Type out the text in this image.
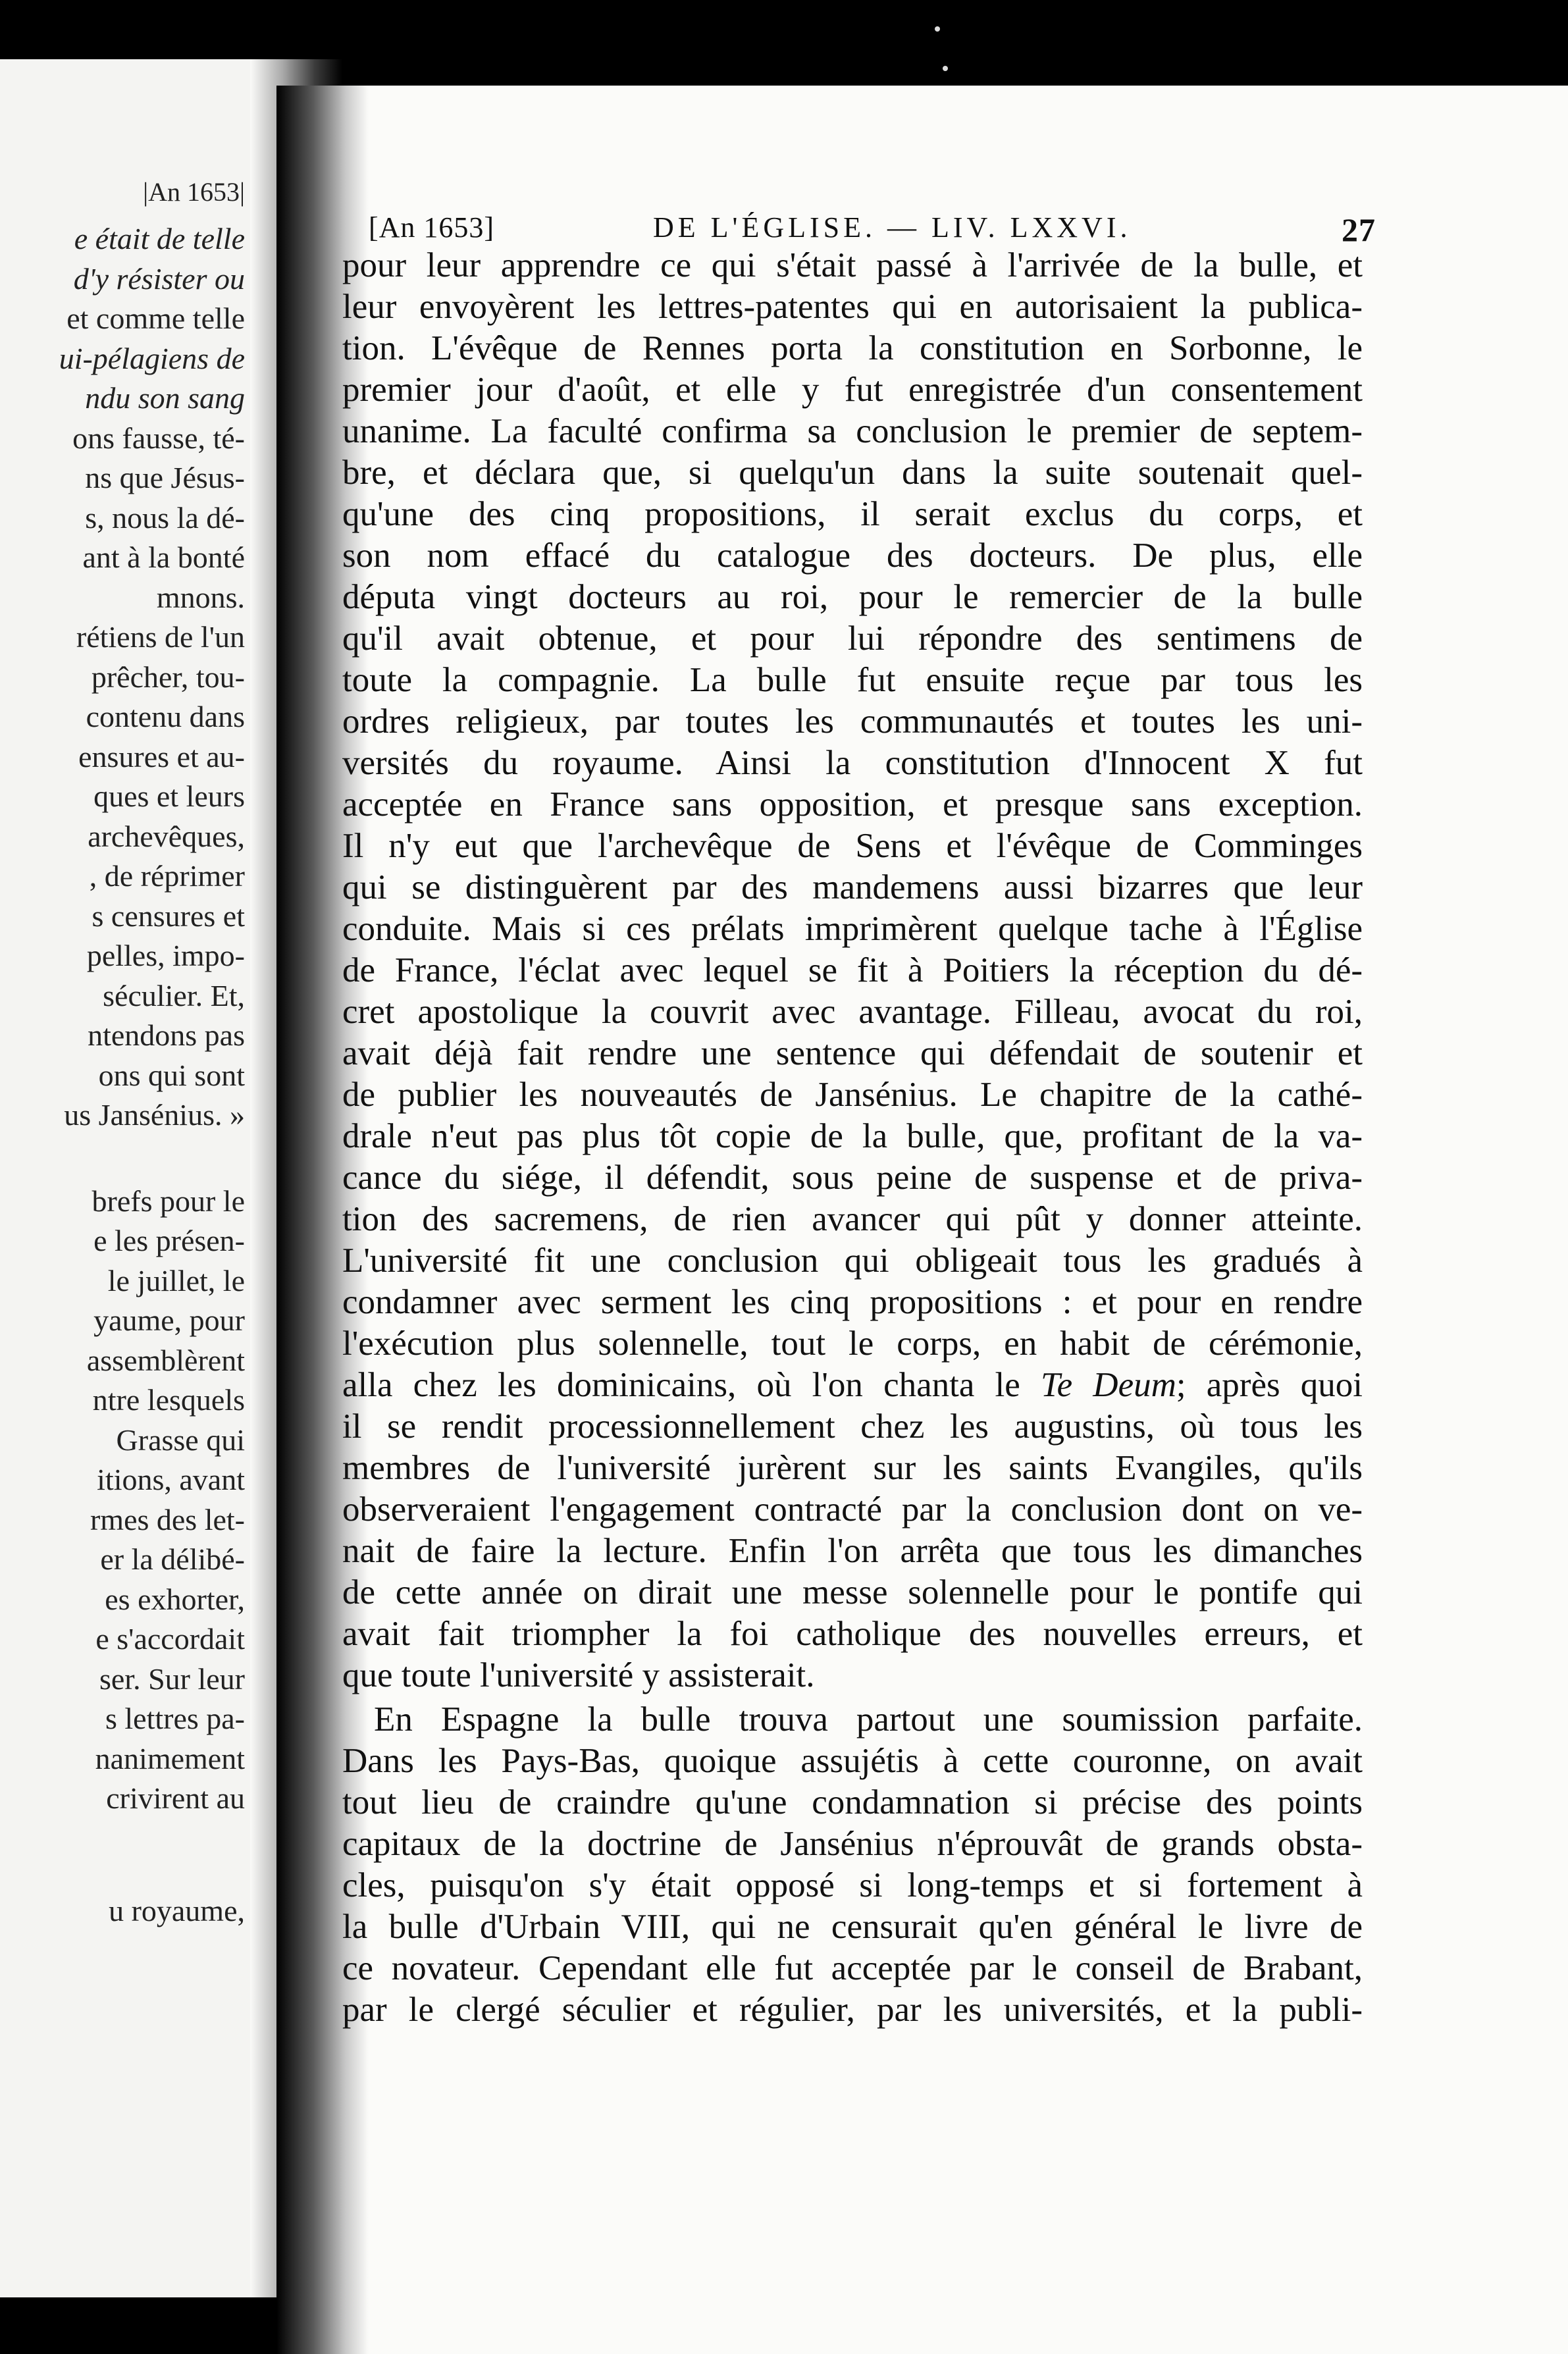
|An 1653|
e était de telle
d'y résister ou
et comme telle
ui-pélagiens de
ndu son sang
ons fausse, té-
ns que Jésus-
s, nous la dé-
ant à la bonté
mnons.
rétiens de l'un
prêcher, tou-
contenu dans
ensures et au-
ques et leurs
archevêques,
, de réprimer
s censures et
pelles, impo-
séculier. Et,
ntendons pas
ons qui sont
us Jansénius. »
brefs pour le
e les présen-
le juillet, le
yaume, pour
assemblèrent
ntre lesquels
Grasse qui
itions, avant
rmes des let-
er la délibé-
es exhorter,
e s'accordait
ser. Sur leur
s lettres pa-
nanimement
crivirent au
u royaume,
[An 1653]	DE L'ÉGLISE. — LIV. LXXVI.	27
pour leur apprendre ce qui s'était passé à l'arrivée de la bulle, et
leur envoyèrent les lettres-patentes qui en autorisaient la publica-
tion. L'évêque de Rennes porta la constitution en Sorbonne, le
premier jour d'août, et elle y fut enregistrée d'un consentement
unanime. La faculté confirma sa conclusion le premier de septem-
bre, et déclara que, si quelqu'un dans la suite soutenait quel-
qu'une des cinq propositions, il serait exclus du corps, et
son nom effacé du catalogue des docteurs. De plus, elle
députa vingt docteurs au roi, pour le remercier de la bulle
qu'il avait obtenue, et pour lui répondre des sentimens de
toute la compagnie. La bulle fut ensuite reçue par tous les
ordres religieux, par toutes les communautés et toutes les uni-
versités du royaume. Ainsi la constitution d'Innocent X fut
acceptée en France sans opposition, et presque sans exception.
Il n'y eut que l'archevêque de Sens et l'évêque de Comminges
qui se distinguèrent par des mandemens aussi bizarres que leur
conduite. Mais si ces prélats imprimèrent quelque tache à l'Église
de France, l'éclat avec lequel se fit à Poitiers la réception du dé-
cret apostolique la couvrit avec avantage. Filleau, avocat du roi,
avait déjà fait rendre une sentence qui défendait de soutenir et
de publier les nouveautés de Jansénius. Le chapitre de la cathé-
drale n'eut pas plus tôt copie de la bulle, que, profitant de la va-
cance du siége, il défendit, sous peine de suspense et de priva-
tion des sacremens, de rien avancer qui pût y donner atteinte.
L'université fit une conclusion qui obligeait tous les gradués à
condamner avec serment les cinq propositions : et pour en rendre
l'exécution plus solennelle, tout le corps, en habit de cérémonie,
alla chez les dominicains, où l'on chanta le Te Deum; après quoi
il se rendit processionnellement chez les augustins, où tous les
membres de l'université jurèrent sur les saints Evangiles, qu'ils
observeraient l'engagement contracté par la conclusion dont on ve-
nait de faire la lecture. Enfin l'on arrêta que tous les dimanches
de cette année on dirait une messe solennelle pour le pontife qui
avait fait triompher la foi catholique des nouvelles erreurs, et
que toute l'université y assisterait.
En Espagne la bulle trouva partout une soumission parfaite.
Dans les Pays-Bas, quoique assujétis à cette couronne, on avait
tout lieu de craindre qu'une condamnation si précise des points
capitaux de la doctrine de Jansénius n'éprouvât de grands obsta-
cles, puisqu'on s'y était opposé si long-temps et si fortement à
la bulle d'Urbain VIII, qui ne censurait qu'en général le livre de
ce novateur. Cependant elle fut acceptée par le conseil de Brabant,
par le clergé séculier et régulier, par les universités, et la publi-
